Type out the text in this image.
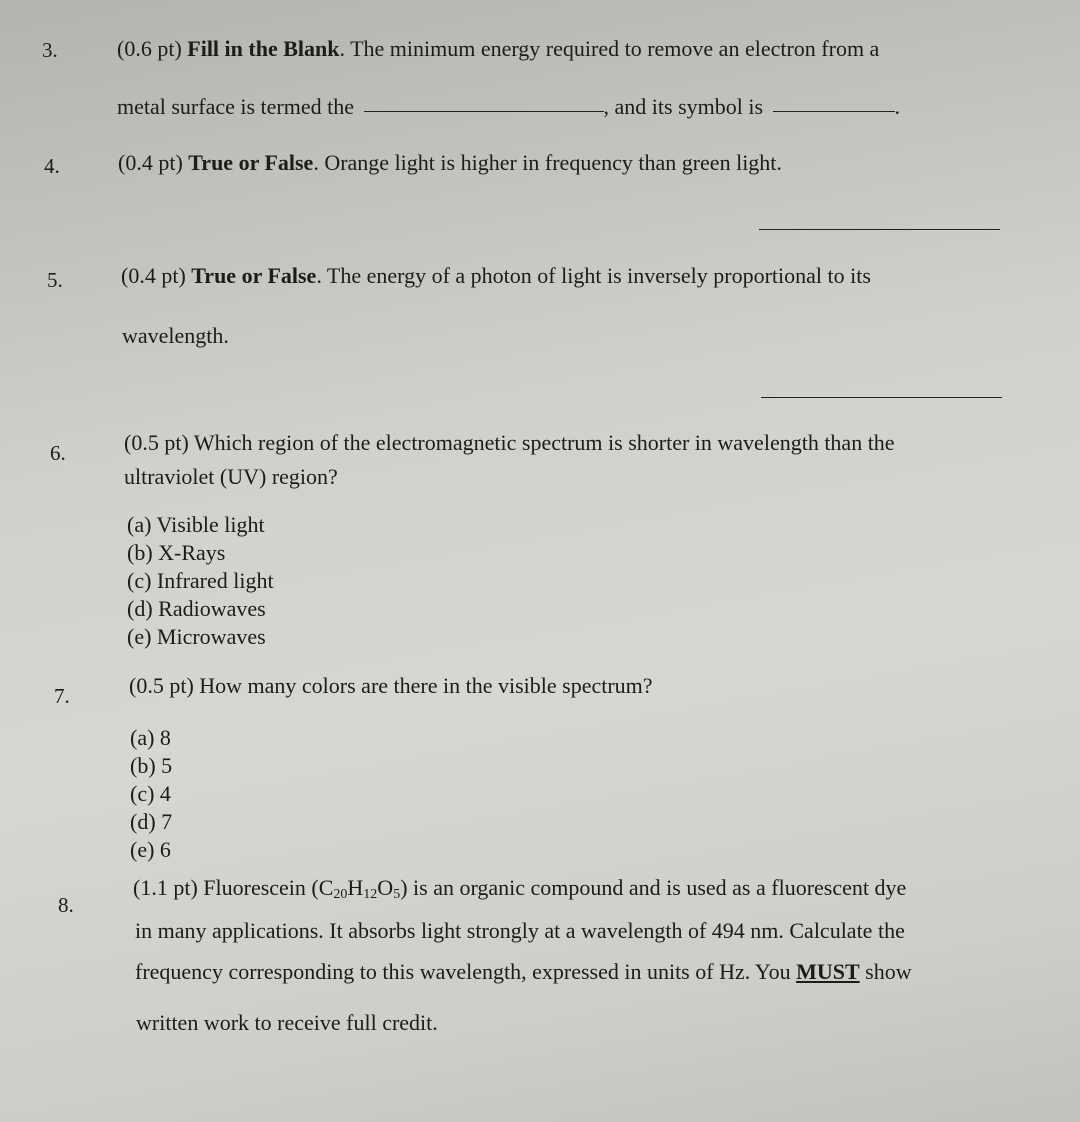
3.	(0.6 pt) Fill in the Blank. The minimum energy required to remove an electron from a
metal surface is termed the	, and its symbol is	.
4.	(0.4 pt) True or False. Orange light is higher in frequency than green light.
5.	(0.4 pt) True or False. The energy of a photon of light is inversely proportional to its
wavelength.
6.	(0.5 pt) Which region of the electromagnetic spectrum is shorter in wavelength than the
ultraviolet (UV) region?
(a) Visible light
(b) X-Rays
(c) Infrared light
(d) Radiowaves
(e) Microwaves
7.	(0.5 pt) How many colors are there in the visible spectrum?
(a) 8
(b) 5
(c) 4
(d) 7
(e) 6
8.
(1.1 pt) Fluorescein $(C_{20}H_{12}O_5)$ is an organic compound and is used as a fluorescent dye
in many applications. It absorbs light strongly at a wavelength of 494 nm. Calculate the
frequency corresponding to this wavelength, expressed in units of Hz. You MUST show
written work to receive full credit.
